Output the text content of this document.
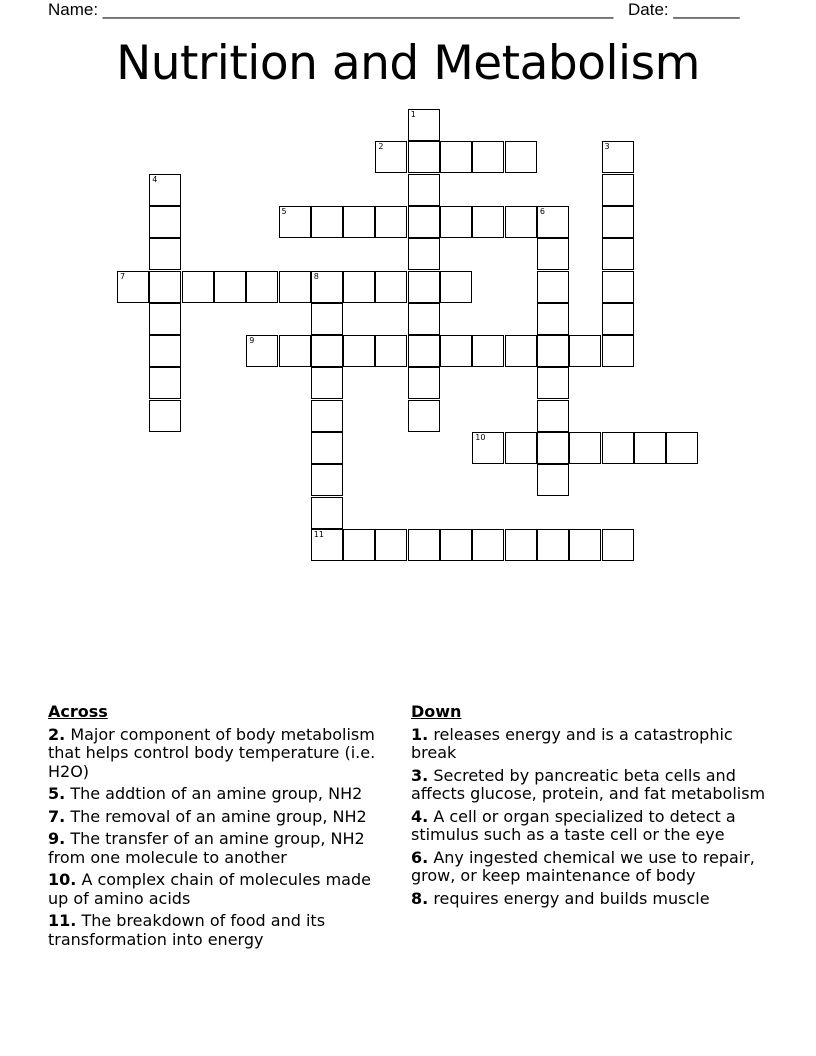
Name: ______________________________________________________ Date: _______
Nutrition and Metabolism
1
2	3
4
5	6
7	8
11
9
10
Across
2. Major component of body metabolism that helps control body temperature (i.e. H2O)
5. The addtion of an amine group, NH2
7. The removal of an amine group, NH2
9. The transfer of an amine group, NH2 from one molecule to another
10. A complex chain of molecules made up of amino acids
11. The breakdown of food and its transformation into energy
Down
1. releases energy and is a catastrophic break
3. Secreted by pancreatic beta cells and affects glucose, protein, and fat metabolism
4. A cell or organ specialized to detect a stimulus such as a taste cell or the eye
6. Any ingested chemical we use to repair, grow, or keep maintenance of body
8. requires energy and builds muscle
